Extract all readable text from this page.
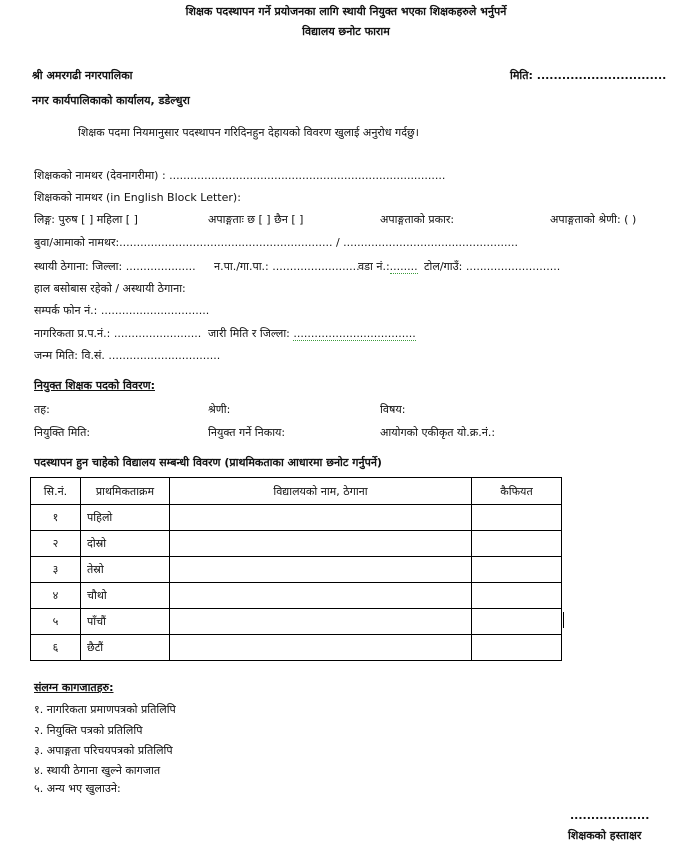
शिक्षक पदस्थापन गर्ने प्रयोजनका लागि स्थायी नियुक्त भएका शिक्षकहरुले भर्नुपर्ने
विद्यालय छनोट फाराम
श्री अमरगढी नगरपालिका	मिति: ...............................
नगर कार्यपालिकाको कार्यालय, डडेल्धुरा
शिक्षक पदमा नियमानुसार पदस्थापन गरिदिनहुन देहायको विवरण खुलाई अनुरोध गर्दछु।
शिक्षकको नामथर (देवनागरीमा) : ...............................................................................
शिक्षकको नामथर (in English Block Letter):
लिङ्ग: पुरुष [ ] महिला [ ]	अपाङ्गताः छ [ ] छैन [ ]	अपाङ्गताको प्रकार:	अपाङ्गताको श्रेणी: ( )
बुवा/आमाको नामथर:............................................................. / ..................................................
स्थायी ठेगाना: जिल्ला: .................... न.पा./गा.पा.: .........................
वडा नं.:........ टोल/गाउँ: ...........................
हाल बसोबास रहेको / अस्थायी ठेगाना:
सम्पर्क फोन नं.: ...............................
नागरिकता प्र.प.नं.: ......................... जारी मिति र जिल्ला: ...................................
जन्म मिति: वि.सं. ................................
नियुक्त शिक्षक पदको विवरण:
तह:	श्रेणी:	विषय:
नियुक्ति मिति:	नियुक्त गर्ने निकाय:	आयोगको एकीकृत यो.क्र.नं.:
पदस्थापन हुन चाहेको विद्यालय सम्बन्धी विवरण (प्राथमिकताका आधारमा छनोट गर्नुपर्ने)
सि.नं.	प्राथमिकताक्रम	विद्यालयको नाम, ठेगाना	कैफियत
१	पहिलो		
२	दोस्रो		
३	तेस्रो		
४	चौथो		
५	पाँचौं		
६	छैटौं		
संलग्न कागजातहरु:
१. नागरिकता प्रमाणपत्रको प्रतिलिपि
२. नियुक्ति पत्रको प्रतिलिपि
३. अपाङ्गता परिचयपत्रको प्रतिलिपि
४. स्थायी ठेगाना खुल्ने कागजात
५. अन्य भए खुलाउने:
...................
शिक्षकको हस्ताक्षर
